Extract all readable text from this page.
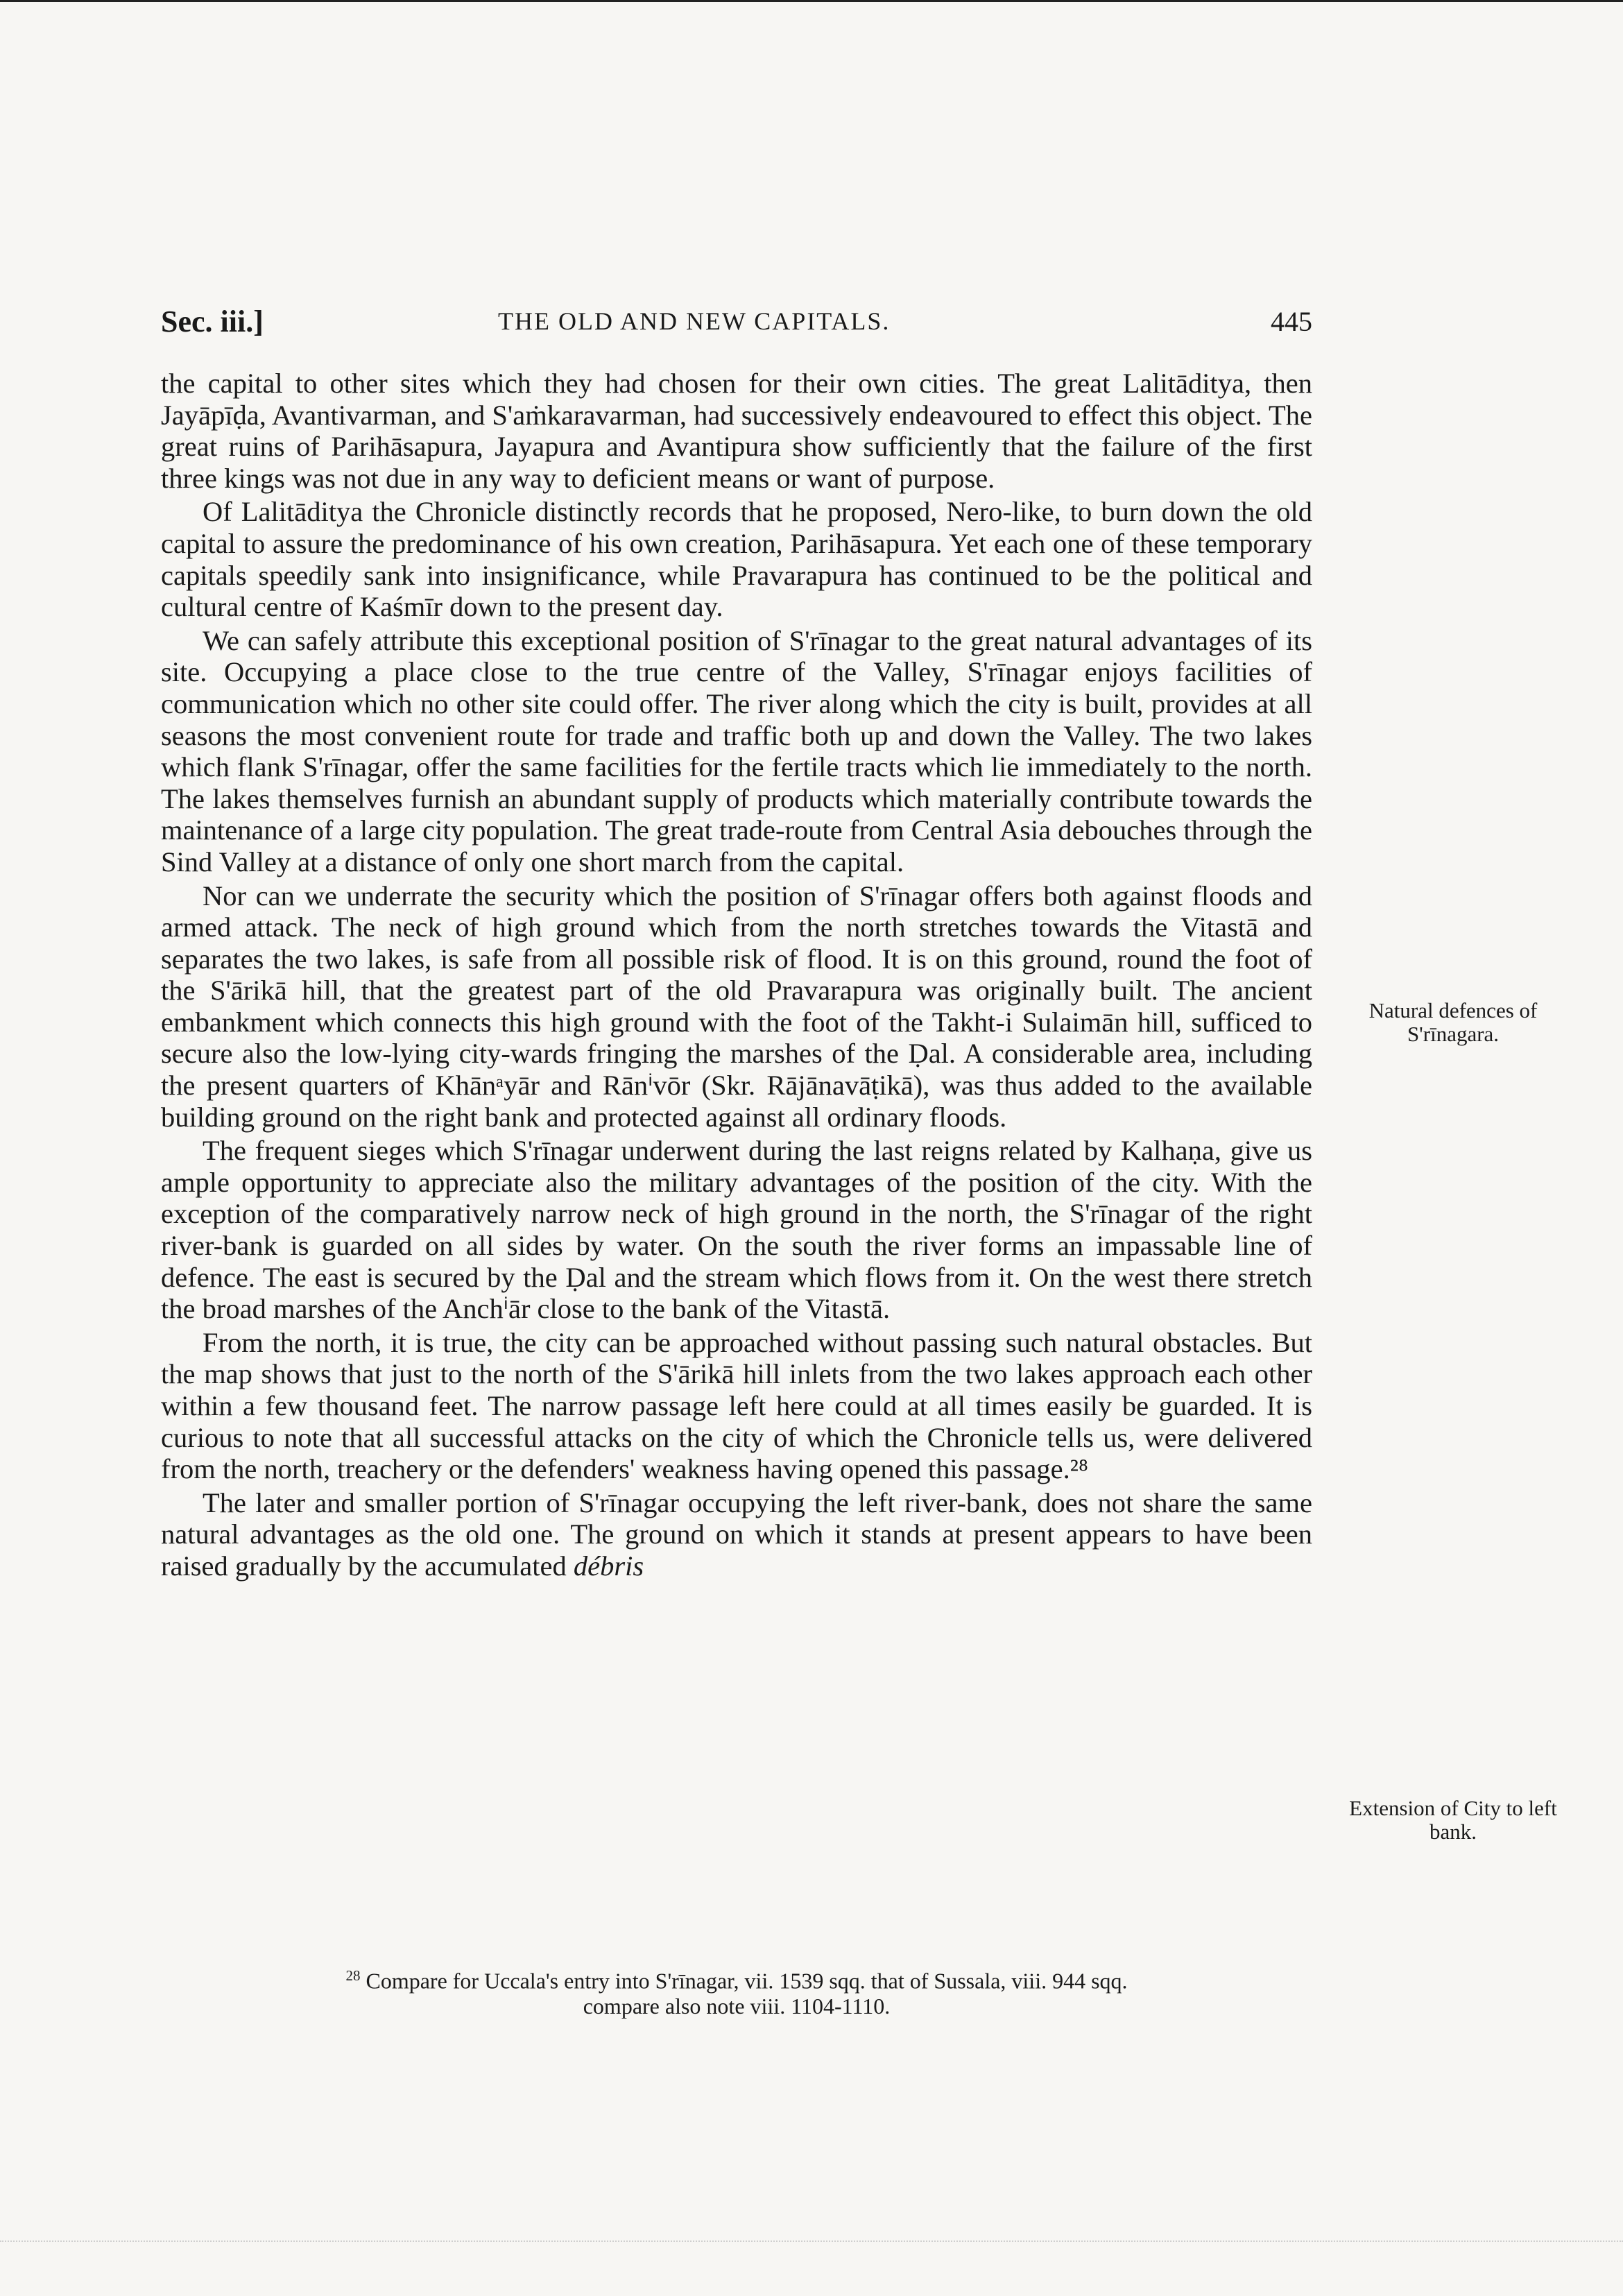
Sec. iii.]	THE OLD AND NEW CAPITALS.	445

the capital to other sites which they had chosen for their own cities. The great Lalitāditya, then Jayāpīḍa, Avantivarman, and S'aṁkaravarman, had successively endeavoured to effect this object. The great ruins of Parihāsapura, Jayapura and Avantipura show sufficiently that the failure of the first three kings was not due in any way to deficient means or want of purpose.

Of Lalitāditya the Chronicle distinctly records that he proposed, Nero-like, to burn down the old capital to assure the predominance of his own creation, Parihāsapura. Yet each one of these temporary capitals speedily sank into insignificance, while Pravarapura has continued to be the political and cultural centre of Kaśmīr down to the present day.

We can safely attribute this exceptional position of S'rīnagar to the great natural advantages of its site. Occupying a place close to the true centre of the Valley, S'rīnagar enjoys facilities of communication which no other site could offer. The river along which the city is built, provides at all seasons the most convenient route for trade and traffic both up and down the Valley. The two lakes which flank S'rīnagar, offer the same facilities for the fertile tracts which lie immediately to the north. The lakes themselves furnish an abundant supply of products which materially contribute towards the maintenance of a large city population. The great trade-route from Central Asia debouches through the Sind Valley at a distance of only one short march from the capital.

Nor can we underrate the security which the position of S'rīnagar offers both against floods and armed attack. The neck of high ground which from the north stretches towards the Vitastā and separates the two lakes, is safe from all possible risk of flood. It is on this ground, round the foot of the S'ārikā hill, that the greatest part of the old Pravarapura was originally built. The ancient embankment which connects this high ground with the foot of the Takht-i Sulaimān hill, sufficed to secure also the low-lying city-wards fringing the marshes of the Ḍal. A considerable area, including the present quarters of Khānᵃyār and Rānⁱvōr (Skr. Rājānavāṭikā), was thus added to the available building ground on the right bank and protected against all ordinary floods.

The frequent sieges which S'rīnagar underwent during the last reigns related by Kalhaṇa, give us ample opportunity to appreciate also the military advantages of the position of the city. With the exception of the comparatively narrow neck of high ground in the north, the S'rīnagar of the right river-bank is guarded on all sides by water. On the south the river forms an impassable line of defence. The east is secured by the Ḍal and the stream which flows from it. On the west there stretch the broad marshes of the Anchⁱār close to the bank of the Vitastā.

From the north, it is true, the city can be approached without passing such natural obstacles. But the map shows that just to the north of the S'ārikā hill inlets from the two lakes approach each other within a few thousand feet. The narrow passage left here could at all times easily be guarded. It is curious to note that all successful attacks on the city of which the Chronicle tells us, were delivered from the north, treachery or the defenders' weakness having opened this passage.²⁸

The later and smaller portion of S'rīnagar occupying the left river-bank, does not share the same natural advantages as the old one. The ground on which it stands at present appears to have been raised gradually by the accumulated débris

Natural defences of S'rīnagara.
Extension of City to left bank.
$^{28}$ Compare for Uccala's entry into S'rīnagar, vii. 1539 sqq. that of Sussala, viii. 944 sqq.
compare also note viii. 1104-1110.
